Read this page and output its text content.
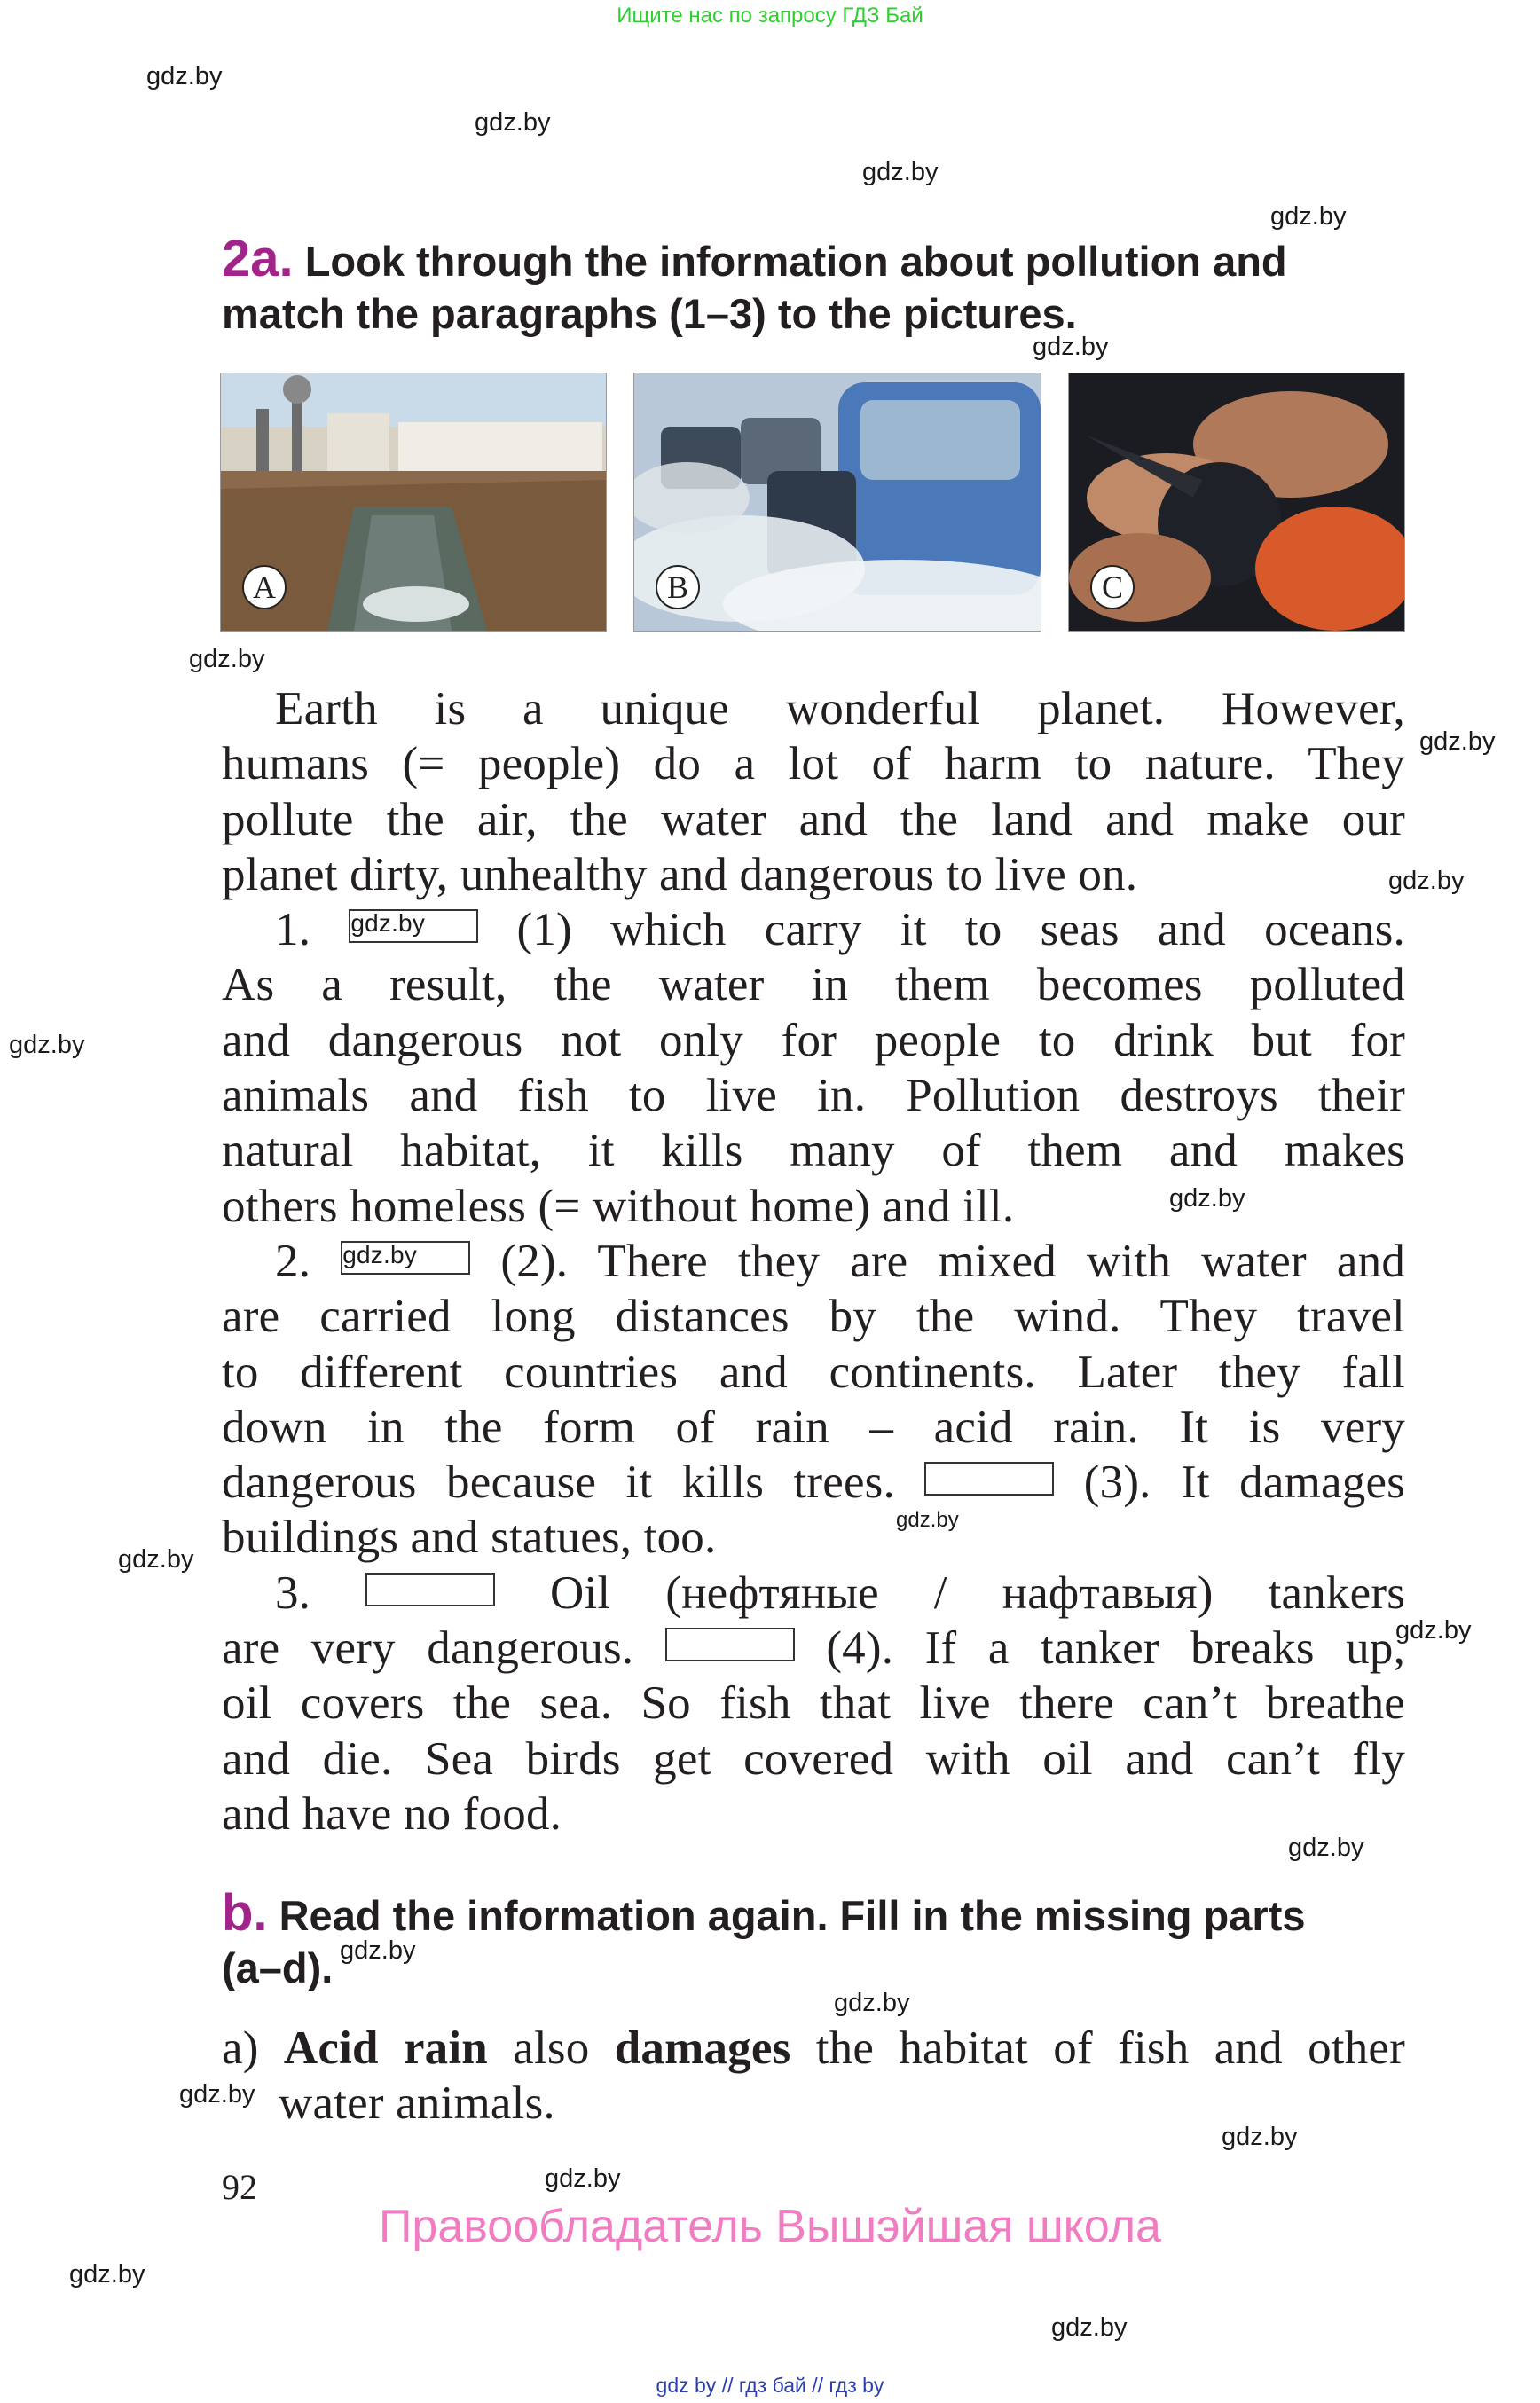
Ищите нас по запросу ГДЗ Бай
gdz.by
gdz.by
gdz.by
gdz.by
gdz.by
gdz.by
gdz.by
gdz.by
gdz.by
gdz.by
gdz.by
gdz.by
gdz.by
gdz.by
gdz.by
gdz.by
gdz.by
gdz.by
gdz.by
gdz.by
gdz.by
2a. Look through the information about pollution and
match the paragraphs (1–3) to the pictures.
A	B	C
Earth is a unique wonderful planet. However,
humans (= people) do a lot of harm to nature. They
pollute the air, the water and the land and make our
planet dirty, unhealthy and dangerous to live on.
1. gdz.by	(1) which carry it to seas and oceans.
As a result, the water in them becomes polluted
and dangerous not only for people to drink but for
animals and fish to live in. Pollution destroys their
natural habitat, it kills many of them and makes
others homeless (= without home) and ill.
2. gdz.by	(2). There they are mixed with water and
are carried long distances by the wind. They travel
to different countries and continents. Later they fall
down in the form of rain – acid rain. It is very
dangerous because it kills trees.	(3). It damages
buildings and statues, too.
3.	Oil (нефтяные / нафтавыя) tankers
are very dangerous.	(4). If a tanker breaks up,
oil covers the sea. So fish that live there can’t breathe
and die. Sea birds get covered with oil and can’t fly
and have no food.
b. Read the information again. Fill in the missing parts
(a–d).
a) Acid rain also damages the habitat of fish and other
water animals.
92
Правообладатель Вышэйшая школа
gdz by // гдз бай // гдз by
